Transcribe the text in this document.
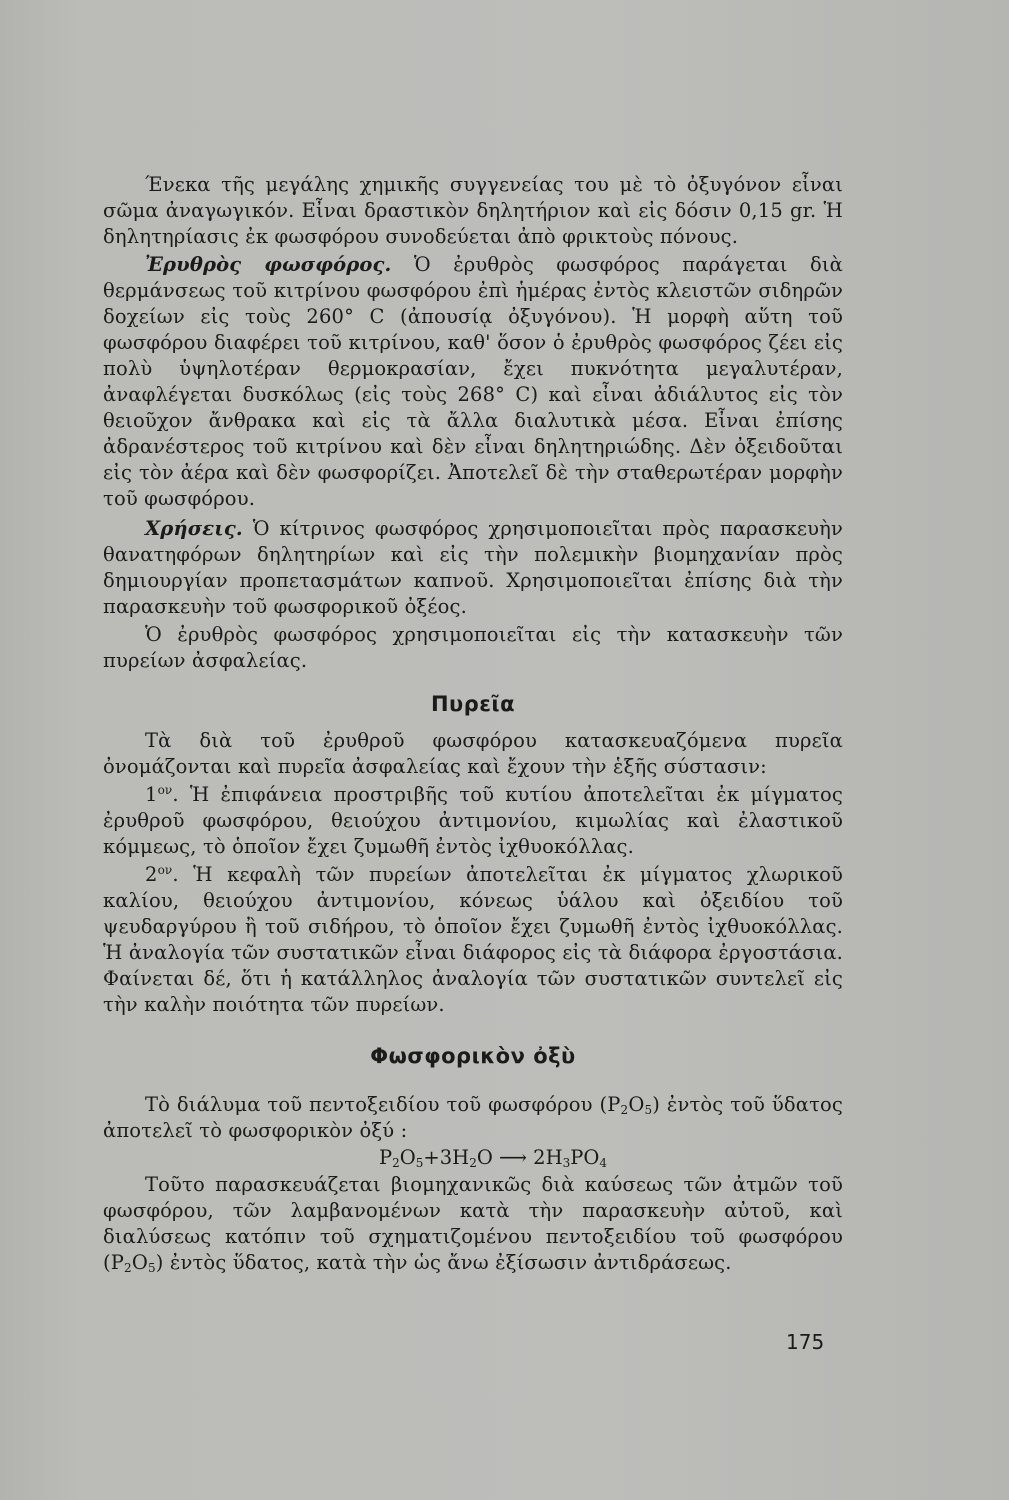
Ένεκα τῆς μεγάλης χημικῆς συγγενείας του μὲ τὸ ὀξυγόνον εἶναι σῶμα ἀναγωγικόν. Εἶναι δραστικὸν δηλητήριον καὶ εἰς δόσιν 0,15 gr. Ἡ δηλητηρίασις ἐκ φωσφόρου συνοδεύεται ἀπὸ φρικτοὺς πόνους.

Ἐρυθρὸς φωσφόρος. Ὁ ἐρυθρὸς φωσφόρος παράγεται διὰ θερμάνσεως τοῦ κιτρίνου φωσφόρου ἐπὶ ἡμέρας ἐντὸς κλειστῶν σιδηρῶν δοχείων εἰς τοὺς 260° C (ἀπουσίᾳ ὀξυγόνου). Ἡ μορφὴ αὕτη τοῦ φωσφόρου διαφέρει τοῦ κιτρίνου, καθ' ὅσον ὁ ἐρυθρὸς φωσφόρος ζέει εἰς πολὺ ὑψηλοτέραν θερμοκρασίαν, ἔχει πυκνότητα μεγαλυτέραν, ἀναφλέγεται δυσκόλως (εἰς τοὺς 268° C) καὶ εἶναι ἀδιάλυτος εἰς τὸν θειοῦχον ἄνθρακα καὶ εἰς τὰ ἄλλα διαλυτικὰ μέσα. Εἶναι ἐπίσης ἀδρανέστερος τοῦ κιτρίνου καὶ δὲν εἶναι δηλητηριώδης. Δὲν ὀξειδοῦται εἰς τὸν ἀέρα καὶ δὲν φωσφορίζει. Ἀποτελεῖ δὲ τὴν σταθερωτέραν μορφὴν τοῦ φωσφόρου.

Χρήσεις. Ὁ κίτρινος φωσφόρος χρησιμοποιεῖται πρὸς παρασκευὴν θανατηφόρων δηλητηρίων καὶ εἰς τὴν πολεμικὴν βιομηχανίαν πρὸς δημιουργίαν προπετασμάτων καπνοῦ. Χρησιμοποιεῖται ἐπίσης διὰ τὴν παρασκευὴν τοῦ φωσφορικοῦ ὀξέος.

Ὁ ἐρυθρὸς φωσφόρος χρησιμοποιεῖται εἰς τὴν κατασκευὴν τῶν πυρείων ἀσφαλείας.

Πυρεῖα

Τὰ διὰ τοῦ ἐρυθροῦ φωσφόρου κατασκευαζόμενα πυρεῖα ὀνομάζονται καὶ πυρεῖα ἀσφαλείας καὶ ἔχουν τὴν ἑξῆς σύστασιν:

$1^{o\nu}$. Ἡ ἐπιφάνεια προστριβῆς τοῦ κυτίου ἀποτελεῖται ἐκ μίγματος ἐρυθροῦ φωσφόρου, θειούχου ἀντιμονίου, κιμωλίας καὶ ἐλαστικοῦ κόμμεως, τὸ ὁποῖον ἔχει ζυμωθῆ ἐντὸς ἰχθυοκόλλας.

$2^{o\nu}$. Ἡ κεφαλὴ τῶν πυρείων ἀποτελεῖται ἐκ μίγματος χλωρικοῦ καλίου, θειούχου ἀντιμονίου, κόνεως ὑάλου καὶ ὀξειδίου τοῦ ψευδαργύρου ἢ τοῦ σιδήρου, τὸ ὁποῖον ἔχει ζυμωθῆ ἐντὸς ἰχθυοκόλλας. Ἡ ἀναλογία τῶν συστατικῶν εἶναι διάφορος εἰς τὰ διάφορα ἐργοστάσια. Φαίνεται δέ, ὅτι ἡ κατάλληλος ἀναλογία τῶν συστατικῶν συντελεῖ εἰς τὴν καλὴν ποιότητα τῶν πυρείων.

Φωσφορικὸν ὀξὺ

Τὸ διάλυμα τοῦ πεντοξειδίου τοῦ φωσφόρου $(P_2O_5)$ ἐντὸς τοῦ ὕδατος ἀποτελεῖ τὸ φωσφορικὸν ὀξύ :

$P_2O_5+3H_2O$ ⟶ $2H_3PO_4$

Τοῦτο παρασκευάζεται βιομηχανικῶς διὰ καύσεως τῶν ἀτμῶν τοῦ φωσφόρου, τῶν λαμβανομένων κατὰ τὴν παρασκευὴν αὐτοῦ, καὶ διαλύσεως κατόπιν τοῦ σχηματιζομένου πεντοξειδίου τοῦ φωσφόρου $(P_2O_5)$ ἐντὸς ὕδατος, κατὰ τὴν ὡς ἄνω ἐξίσωσιν ἀντιδράσεως.

175
